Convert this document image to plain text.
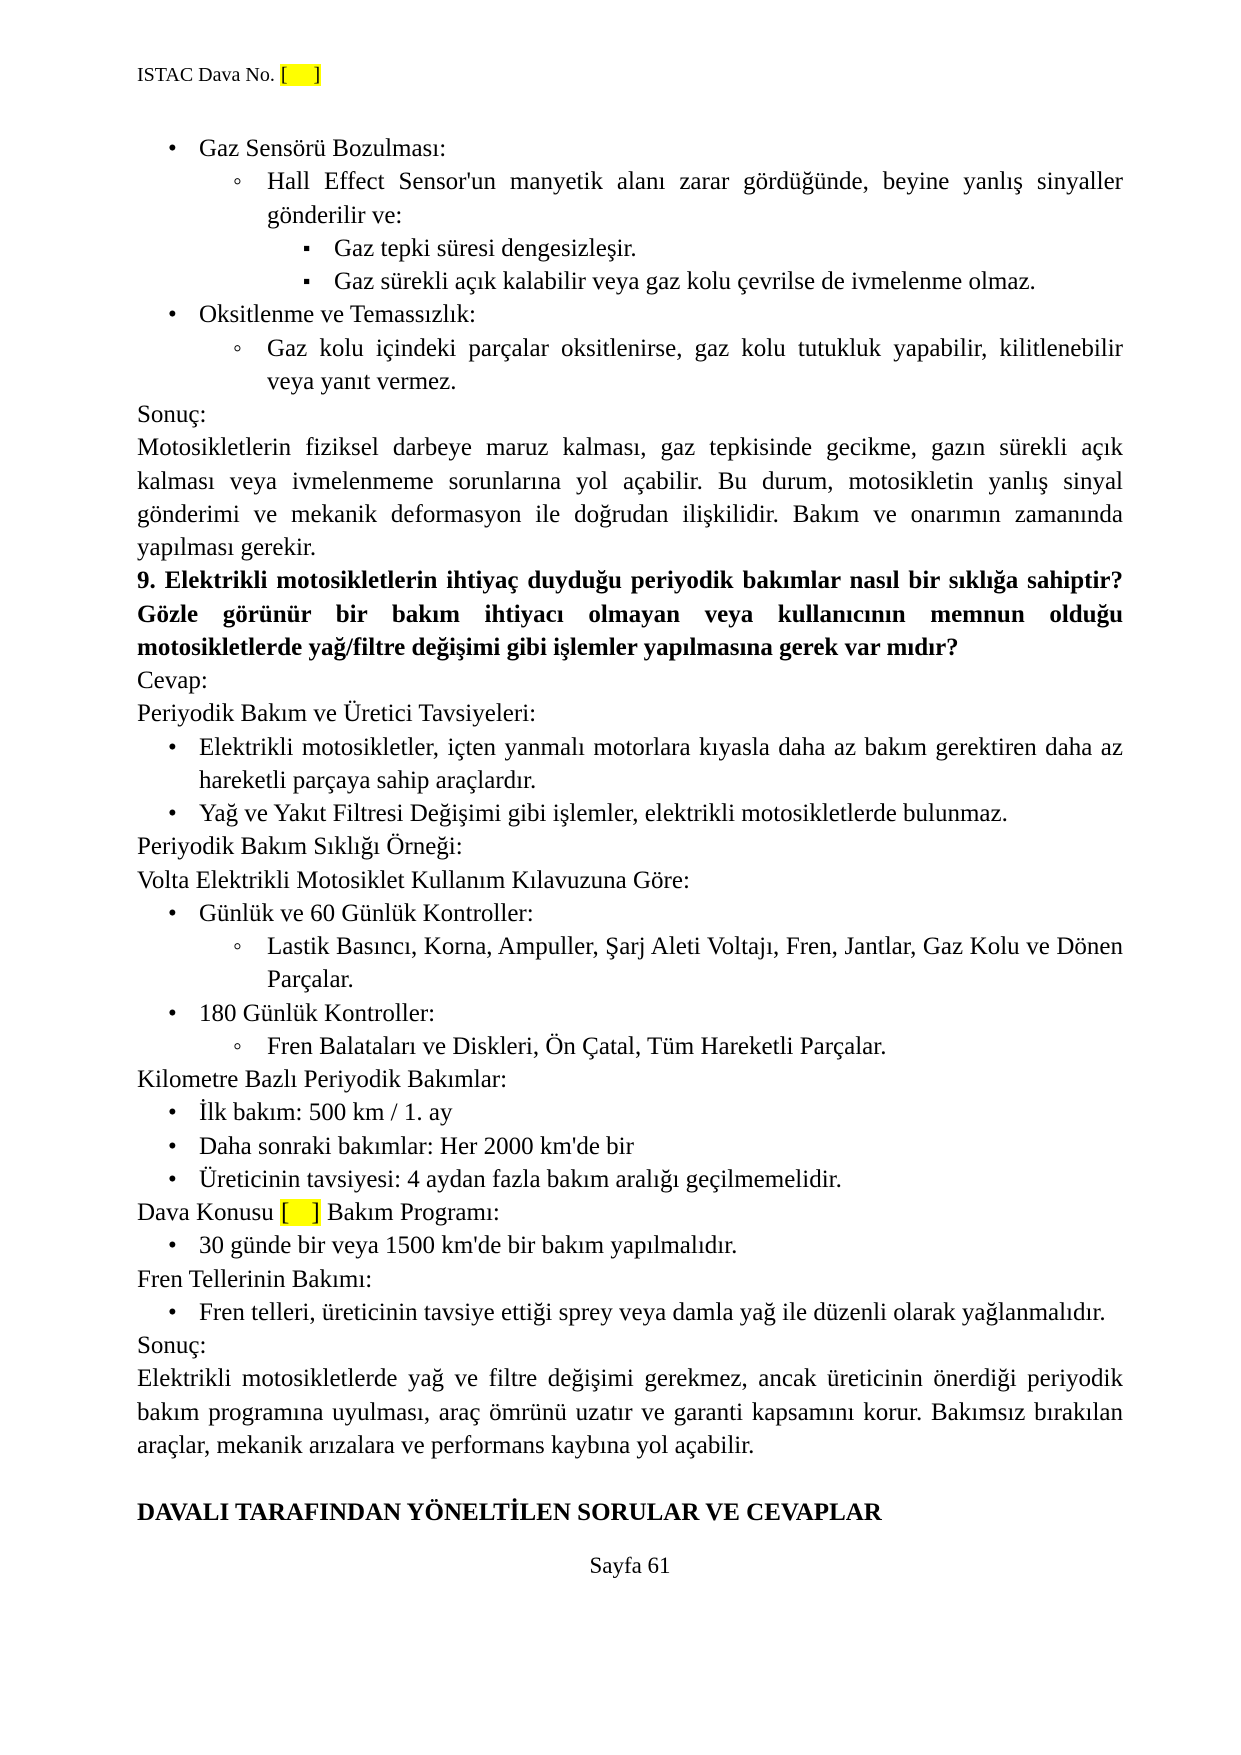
ISTAC Dava No. [ ]
• Gaz Sensörü Bozulması:
◦ Hall Effect Sensor'un manyetik alanı zarar gördüğünde, beyine yanlış sinyaller gönderilir ve:
▪ Gaz tepki süresi dengesizleşir.
▪ Gaz sürekli açık kalabilir veya gaz kolu çevrilse de ivmelenme olmaz.
• Oksitlenme ve Temassızlık:
◦ Gaz kolu içindeki parçalar oksitlenirse, gaz kolu tutukluk yapabilir, kilitlenebilir veya yanıt vermez.

Sonuç:

Motosikletlerin fiziksel darbeye maruz kalması, gaz tepkisinde gecikme, gazın sürekli açık kalması veya ivmelenmeme sorunlarına yol açabilir. Bu durum, motosikletin yanlış sinyal gönderimi ve mekanik deformasyon ile doğrudan ilişkilidir. Bakım ve onarımın zamanında yapılması gerekir.

9. Elektrikli motosikletlerin ihtiyaç duyduğu periyodik bakımlar nasıl bir sıklığa sahiptir? Gözle görünür bir bakım ihtiyacı olmayan veya kullanıcının memnun olduğu motosikletlerde yağ/filtre değişimi gibi işlemler yapılmasına gerek var mıdır?

Cevap:

Periyodik Bakım ve Üretici Tavsiyeleri:

• Elektrikli motosikletler, içten yanmalı motorlara kıyasla daha az bakım gerektiren daha az hareketli parçaya sahip araçlardır.
• Yağ ve Yakıt Filtresi Değişimi gibi işlemler, elektrikli motosikletlerde bulunmaz.

Periyodik Bakım Sıklığı Örneği:

Volta Elektrikli Motosiklet Kullanım Kılavuzuna Göre:

• Günlük ve 60 Günlük Kontroller:
◦ Lastik Basıncı, Korna, Ampuller, Şarj Aleti Voltajı, Fren, Jantlar, Gaz Kolu ve Dönen Parçalar.
• 180 Günlük Kontroller:
◦ Fren Balataları ve Diskleri, Ön Çatal, Tüm Hareketli Parçalar.

Kilometre Bazlı Periyodik Bakımlar:

• İlk bakım: 500 km / 1. ay
• Daha sonraki bakımlar: Her 2000 km'de bir
• Üreticinin tavsiyesi: 4 aydan fazla bakım aralığı geçilmemelidir.

Dava Konusu [ ] Bakım Programı:

• 30 günde bir veya 1500 km'de bir bakım yapılmalıdır.

Fren Tellerinin Bakımı:

• Fren telleri, üreticinin tavsiye ettiği sprey veya damla yağ ile düzenli olarak yağlanmalıdır.

Sonuç:

Elektrikli motosikletlerde yağ ve filtre değişimi gerekmez, ancak üreticinin önerdiği periyodik bakım programına uyulması, araç ömrünü uzatır ve garanti kapsamını korur. Bakımsız bırakılan araçlar, mekanik arızalara ve performans kaybına yol açabilir.

DAVALI TARAFINDAN YÖNELTİLEN SORULAR VE CEVAPLAR

Sayfa 61
